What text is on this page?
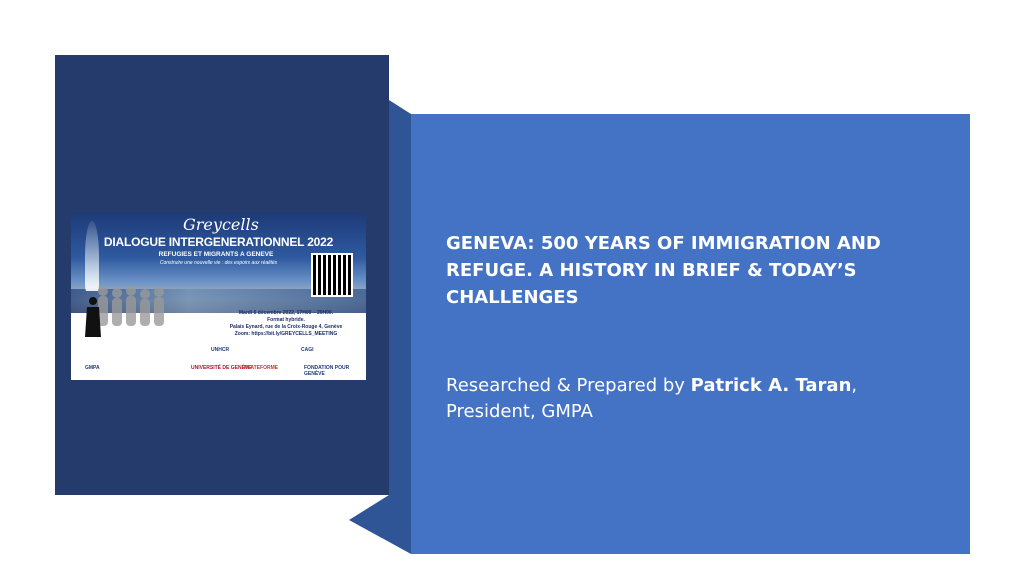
Greycells
DIALOGUE INTERGENERATIONNEL 2022
REFUGIES ET MIGRANTS A GENEVE
Construire une nouvelle vie : des espoirs aux réalités
Mardi 6 décembre 2022, 17H00 – 20H00.
Format hybride.
Palais Eynard, rue de la Croix-Rouge 4, Genève
Zoom: https://bit.ly/GREYCELLS_MEETING
GMPA
UNHCR	CAGI
UNIVERSITÉ DE GENÈVE
PLATEFORME	FONDATION POUR GENÈVE

GENEVA: 500 YEARS OF IMMIGRATION AND REFUGE. A HISTORY IN BRIEF & TODAY’S CHALLENGES

Researched & Prepared by Patrick A. Taran,
President, GMPA
